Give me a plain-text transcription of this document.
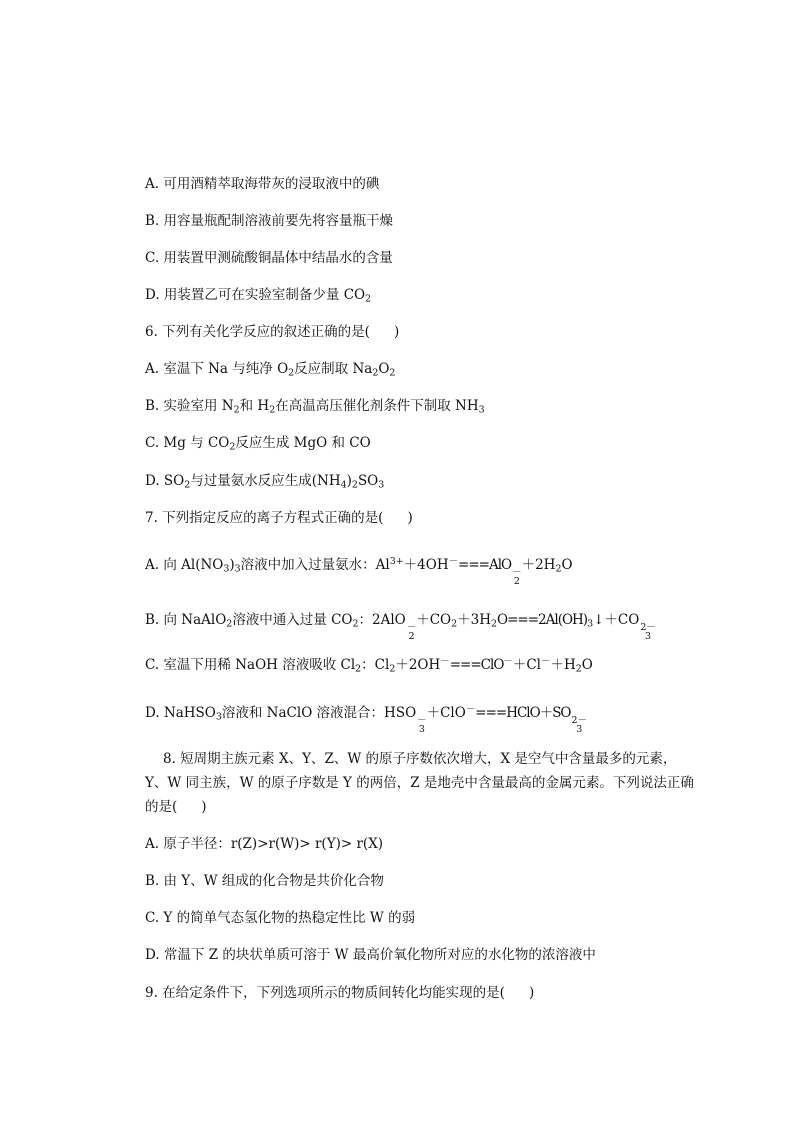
A. 可用酒精萃取海带灰的浸取液中的碘
B. 用容量瓶配制溶液前要先将容量瓶干燥
C. 用装置甲测硫酸铜晶体中结晶水的含量
D. 用装置乙可在实验室制备少量 $CO_2$
6. 下列有关化学反应的叙述正确的是( )
A. 室温下 Na 与纯净 $O_2$反应制取 $Na_2O_2$
B. 实验室用 $N_2$和 $H_2$在高温高压催化剂条件下制取 $NH_3$
C. Mg 与 $CO_2$反应生成 MgO 和 CO
D. $SO_2$与过量氨水反应生成$(NH_4)_2SO_3$
7. 下列指定反应的离子方程式正确的是( )
A. 向 $Al(NO_3)_3$溶液中加入过量氨水：$Al^{3+}+4OH^-===AlO$ －
2
$+2H_2O$
B. 向 NaAlO$_2$溶液中通入过量 $CO_2$：2AlO －
2
$+CO_2+3H_2O===2Al(OH)_3↓+CO$ 2－
3
C. 室温下用稀 NaOH 溶液吸收 $Cl_2$：$Cl_2+2OH^-===ClO^-+Cl^-+H_2O$
D. NaHSO$_3$溶液和 NaClO 溶液混合：HSO －
3
＋ClO－===HClO＋SO 2－
3
8. 短周期主族元素 X、Y、Z、W 的原子序数依次增大，X 是空气中含量最多的元素，
Y、W 同主族，W 的原子序数是 Y 的两倍，Z 是地壳中含量最高的金属元素。下列说法正确
的是( )
A. 原子半径：r(Z)>r(W)> r(Y)> r(X)
B. 由 Y、W 组成的化合物是共价化合物
C. Y 的简单气态氢化物的热稳定性比 W 的弱
D. 常温下 Z 的块状单质可溶于 W 最高价氧化物所对应的水化物的浓溶液中
9. 在给定条件下，下列选项所示的物质间转化均能实现的是( )
